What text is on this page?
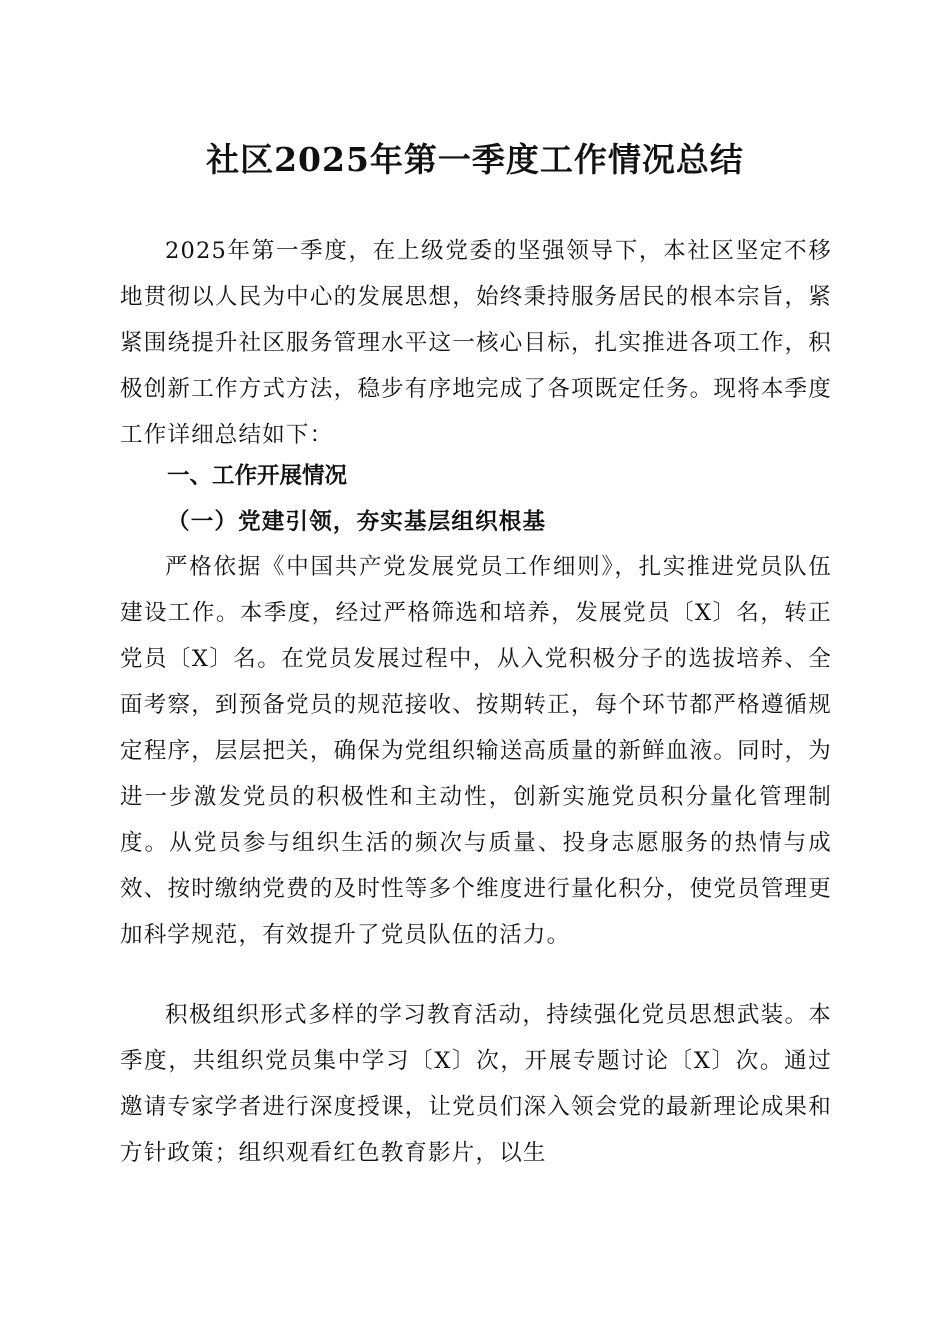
社区2025年第一季度工作情况总结

2025年第一季度，在上级党委的坚强领导下，本社区坚定不移地贯彻以人民为中心的发展思想，始终秉持服务居民的根本宗旨，紧紧围绕提升社区服务管理水平这一核心目标，扎实推进各项工作，积极创新工作方式方法，稳步有序地完成了各项既定任务。现将本季度工作详细总结如下：

一、工作开展情况
（一）党建引领，夯实基层组织根基

严格依据《中国共产党发展党员工作细则》，扎实推进党员队伍建设工作。本季度，经过严格筛选和培养，发展党员〔X〕名，转正党员〔X〕名。在党员发展过程中，从入党积极分子的选拔培养、全面考察，到预备党员的规范接收、按期转正，每个环节都严格遵循规定程序，层层把关，确保为党组织输送高质量的新鲜血液。同时，为进一步激发党员的积极性和主动性，创新实施党员积分量化管理制度。从党员参与组织生活的频次与质量、投身志愿服务的热情与成效、按时缴纳党费的及时性等多个维度进行量化积分，使党员管理更加科学规范，有效提升了党员队伍的活力。

积极组织形式多样的学习教育活动，持续强化党员思想武装。本季度，共组织党员集中学习〔X〕次，开展专题讨论〔X〕次。通过邀请专家学者进行深度授课，让党员们深入领会党的最新理论成果和方针政策；组织观看红色教育影片，以生
